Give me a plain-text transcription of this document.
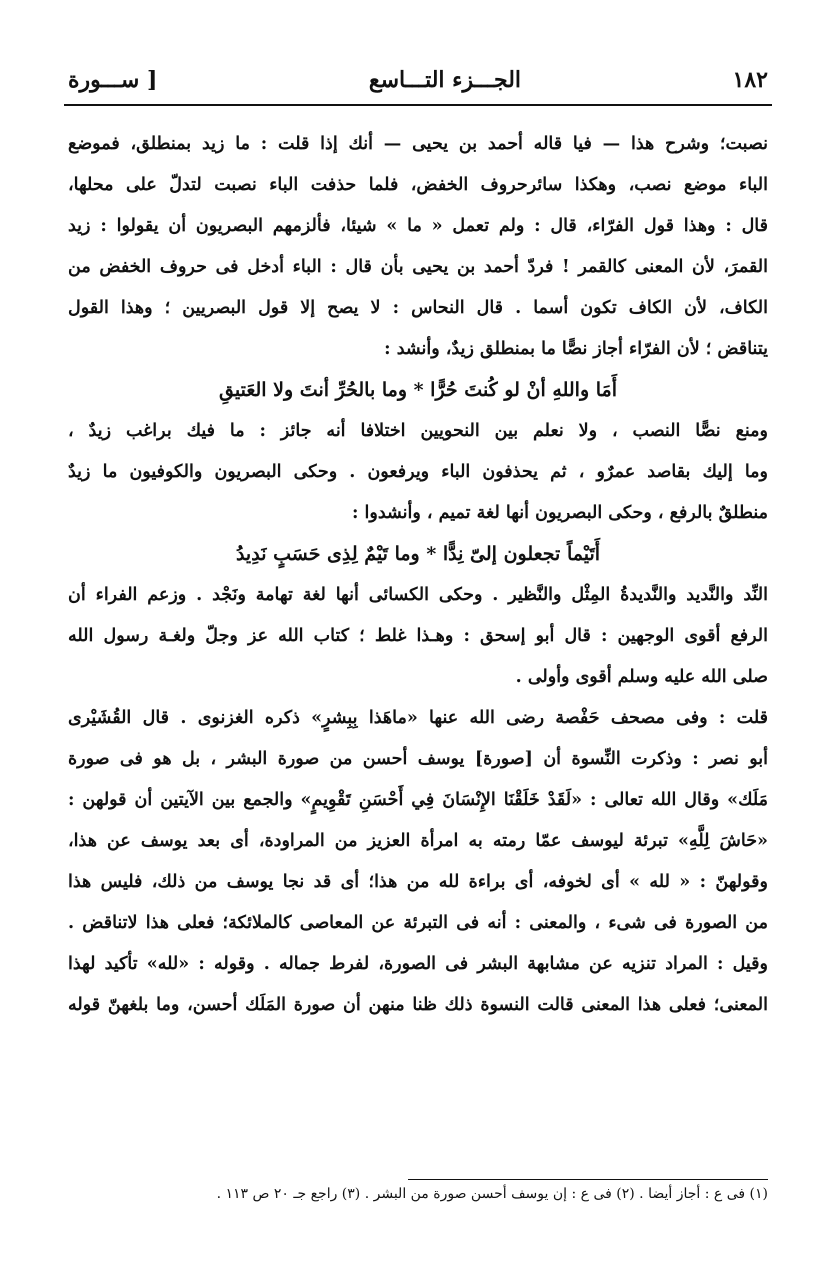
١٨٢
الجـــزء التـــاسع
[ ســـورة
نصبت؛ وشرح هذا — فيا قاله أحمد بن يحيى — أنك إذا قلت : ما زيد بمنطلق، فموضع
الباء موضع نصب، وهكذا سائرحروف الخفض، فلما حذفت الباء نصبت لتدلّ على محلها،
قال : وهذا قول الفرّاء، قال : ولم تعمل « ما » شيئا، فألزمهم البصريون أن يقولوا : زيد
القمرَ، لأن المعنى كالقمر ! فردّ أحمد بن يحيى بأن قال : الباء أدخل فى حروف الخفض من
الكاف، لأن الكاف تكون أسما . قال النحاس : لا يصح إلا قول البصريين ؛ وهذا القول
يتناقض ؛ لأن الفرّاء أجاز نصًّا ما بمنطلق زيدٌ، وأنشد :
أَمَا واللهِ أنْ لو كُنتَ حُرًّا * وما بالحُرِّ أنتَ ولا العَتيقِ
ومنع نصًّا النصب ، ولا نعلم بين النحويين اختلافا أنه جائز : ما فيك براغب زيدٌ ،
وما إليك بقاصد عمرٌو ، ثم يحذفون الباء ويرفعون . وحكى البصريون والكوفيون ما زيدٌ
منطلقٌ بالرفع ، وحكى البصريون أنها لغة تميم ، وأنشدوا :
أَتَيْماً تجعلون إلىّ نِدًّا * وما تَيْمٌ لِذِى حَسَبٍ نَدِيدُ
النِّد والنَّديد والنَّديدةُ المِثْل والنَّظير . وحكى الكسائى أنها لغة تهامة ونَجْد . وزعم الفراء أن
الرفع أقوى الوجهين : قال أبو إسحق : وهـذا غلط ؛ كتاب الله عز وجلّ ولغـة رسول الله
صلى الله عليه وسلم أقوى وأولى .
قلت : وفى مصحف حَفْصة رضى الله عنها «ماهَذا بِبِشرٍ» ذكره الغزنوى . قال القُشَيْرى
أبو نصر : وذكرت النِّسوة أن [صورة] يوسف أحسن من صورة البشر ، بل هو فى صورة
مَلَك» وقال الله تعالى : «لَقَدْ خَلَقْنَا الإِنْسَانَ فِي أَحْسَنِ تَقْوِيمٍ» والجمع بين الآيتين أن قولهن :
«حَاشَ لِلَّهِ» تبرئة ليوسف عمّا رمته به امرأة العزيز من المراودة، أى بعد يوسف عن هذا،
وقولهنّ : « لله » أى لخوفه، أى براءة لله من هذا؛ أى قد نجا يوسف من ذلك، فليس هذا
من الصورة فى شىء ، والمعنى : أنه فى التبرئة عن المعاصى كالملائكة؛ فعلى هذا لاتناقض .
وقيل : المراد تنزيه عن مشابهة البشر فى الصورة، لفرط جماله . وقوله : «لله» تأكيد لهذا
المعنى؛ فعلى هذا المعنى قالت النسوة ذلك ظنا منهن أن صورة المَلَك أحسن، وما بلغهنّ قوله
(١) فى ع : أجاز أيضا . (٢) فى ع : إن يوسف أحسن صورة من البشر . (٣) راجع جـ ٢٠ ص ١١٣ .
